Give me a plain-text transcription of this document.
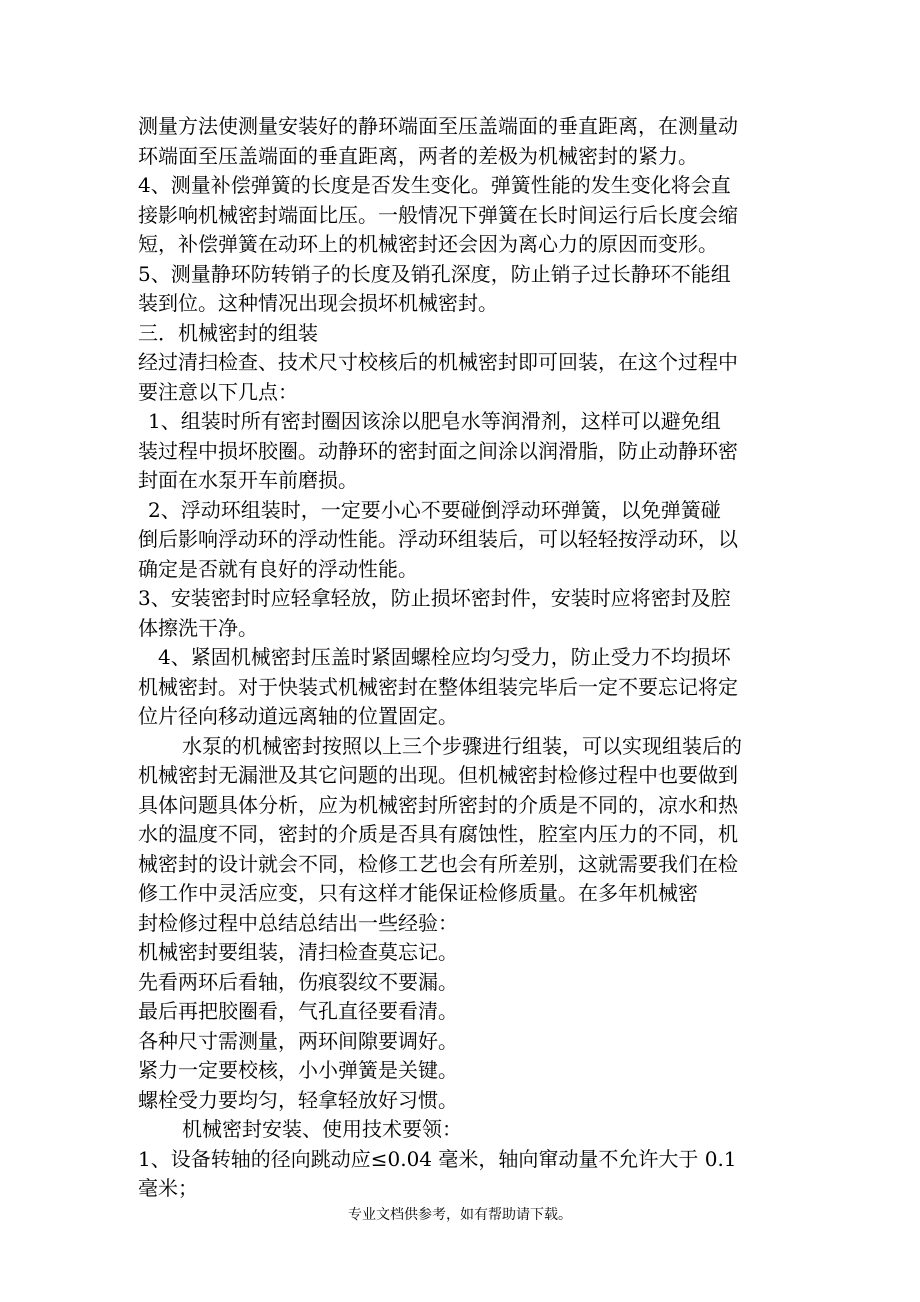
测量方法使测量安装好的静环端面至压盖端面的垂直距离，在测量动

环端面至压盖端面的垂直距离，两者的差极为机械密封的紧力。

4、测量补偿弹簧的长度是否发生变化。弹簧性能的发生变化将会直

接影响机械密封端面比压。一般情况下弹簧在长时间运行后长度会缩

短，补偿弹簧在动环上的机械密封还会因为离心力的原因而变形。

5、测量静环防转销子的长度及销孔深度，防止销子过长静环不能组

装到位。这种情况出现会损坏机械密封。

三．机械密封的组装

经过清扫检查、技术尺寸校核后的机械密封即可回装，在这个过程中

要注意以下几点：

1、组装时所有密封圈因该涂以肥皂水等润滑剂，这样可以避免组

装过程中损坏胶圈。动静环的密封面之间涂以润滑脂，防止动静环密

封面在水泵开车前磨损。

2、浮动环组装时，一定要小心不要碰倒浮动环弹簧，以免弹簧碰

倒后影响浮动环的浮动性能。浮动环组装后，可以轻轻按浮动环，以

确定是否就有良好的浮动性能。

3、安装密封时应轻拿轻放，防止损坏密封件，安装时应将密封及腔

体擦洗干净。

4、紧固机械密封压盖时紧固螺栓应均匀受力，防止受力不均损坏

机械密封。对于快装式机械密封在整体组装完毕后一定不要忘记将定

位片径向移动道远离轴的位置固定。

水泵的机械密封按照以上三个步骤进行组装，可以实现组装后的

机械密封无漏泄及其它问题的出现。但机械密封检修过程中也要做到

具体问题具体分析，应为机械密封所密封的介质是不同的，凉水和热

水的温度不同，密封的介质是否具有腐蚀性，腔室内压力的不同，机

械密封的设计就会不同，检修工艺也会有所差别，这就需要我们在检

修工作中灵活应变，只有这样才能保证检修质量。在多年机械密

封检修过程中总结总结出一些经验：

机械密封要组装，清扫检查莫忘记。

先看两环后看轴，伤痕裂纹不要漏。

最后再把胶圈看，气孔直径要看清。

各种尺寸需测量，两环间隙要调好。

紧力一定要校核，小小弹簧是关键。

螺栓受力要均匀，轻拿轻放好习惯。

机械密封安装、使用技术要领：

1、设备转轴的径向跳动应≤0.04 毫米，轴向窜动量不允许大于 0.1

毫米；

专业文档供参考，如有帮助请下载。
